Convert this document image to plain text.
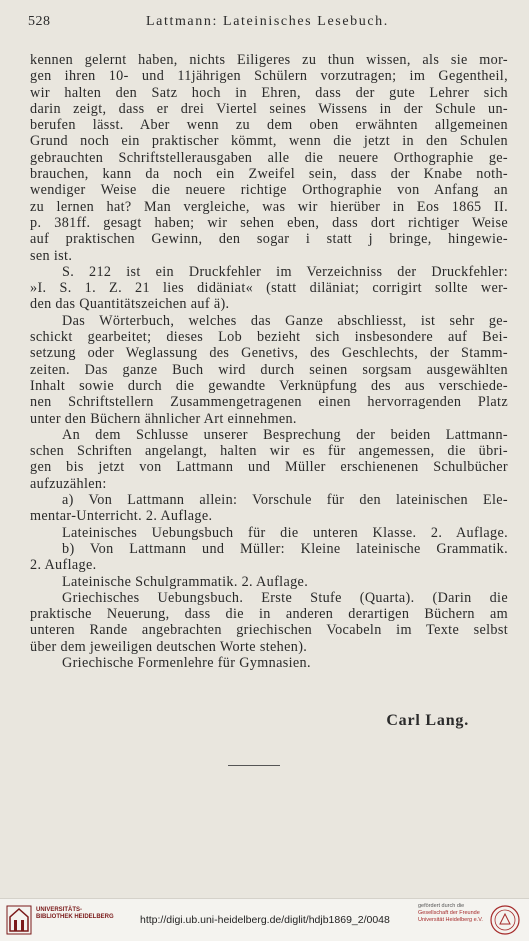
528	Lattmann: Lateinisches Lesebuch.
kennen gelernt haben, nichts Eiligeres zu thun wissen, als sie mor-
gen ihren 10- und 11jährigen Schülern vorzutragen; im Gegentheil,
wir halten den Satz hoch in Ehren, dass der gute Lehrer sich
darin zeigt, dass er drei Viertel seines Wissens in der Schule un-
berufen lässt. Aber wenn zu dem oben erwähnten allgemeinen
Grund noch ein praktischer kömmt, wenn die jetzt in den Schulen
gebrauchten Schriftstellerausgaben alle die neuere Orthographie ge-
brauchen, kann da noch ein Zweifel sein, dass der Knabe noth-
wendiger Weise die neuere richtige Orthographie von Anfang an
zu lernen hat? Man vergleiche, was wir hierüber in Eos 1865 II.
p. 381ff. gesagt haben; wir sehen eben, dass dort richtiger Weise
auf praktischen Gewinn, den sogar i statt j bringe, hingewie-
sen ist.
S. 212 ist ein Druckfehler im Verzeichniss der Druckfehler:
»I. S. 1. Z. 21 lies didäniat« (statt diläniat; corrigirt sollte wer-
den das Quantitätszeichen auf ä).
Das Wörterbuch, welches das Ganze abschliesst, ist sehr ge-
schickt gearbeitet; dieses Lob bezieht sich insbesondere auf Bei-
setzung oder Weglassung des Genetivs, des Geschlechts, der Stamm-
zeiten. Das ganze Buch wird durch seinen sorgsam ausgewählten
Inhalt sowie durch die gewandte Verknüpfung des aus verschiede-
nen Schriftstellern Zusammengetragenen einen hervorragenden Platz
unter den Büchern ähnlicher Art einnehmen.
An dem Schlusse unserer Besprechung der beiden Lattmann-
schen Schriften angelangt, halten wir es für angemessen, die übri-
gen bis jetzt von Lattmann und Müller erschienenen Schulbücher
aufzuzählen:
a) Von Lattmann allein: Vorschule für den lateinischen Ele-
mentar-Unterricht. 2. Auflage.
Lateinisches Uebungsbuch für die unteren Klasse. 2. Auflage.
b) Von Lattmann und Müller: Kleine lateinische Grammatik.
2. Auflage.
Lateinische Schulgrammatik. 2. Auflage.
Griechisches Uebungsbuch. Erste Stufe (Quarta). (Darin die
praktische Neuerung, dass die in anderen derartigen Büchern am
unteren Rande angebrachten griechischen Vocabeln im Texte selbst
über dem jeweiligen deutschen Worte stehen).
Griechische Formenlehre für Gymnasien.
Carl Lang.
UNIVERSITÄTS-BIBLIOTHEK HEIDELBERG	http://digi.ub.uni-heidelberg.de/diglit/hdjb1869_2/0048
gefördert durch die
Gesellschaft der Freunde Universität Heidelberg e.V.
